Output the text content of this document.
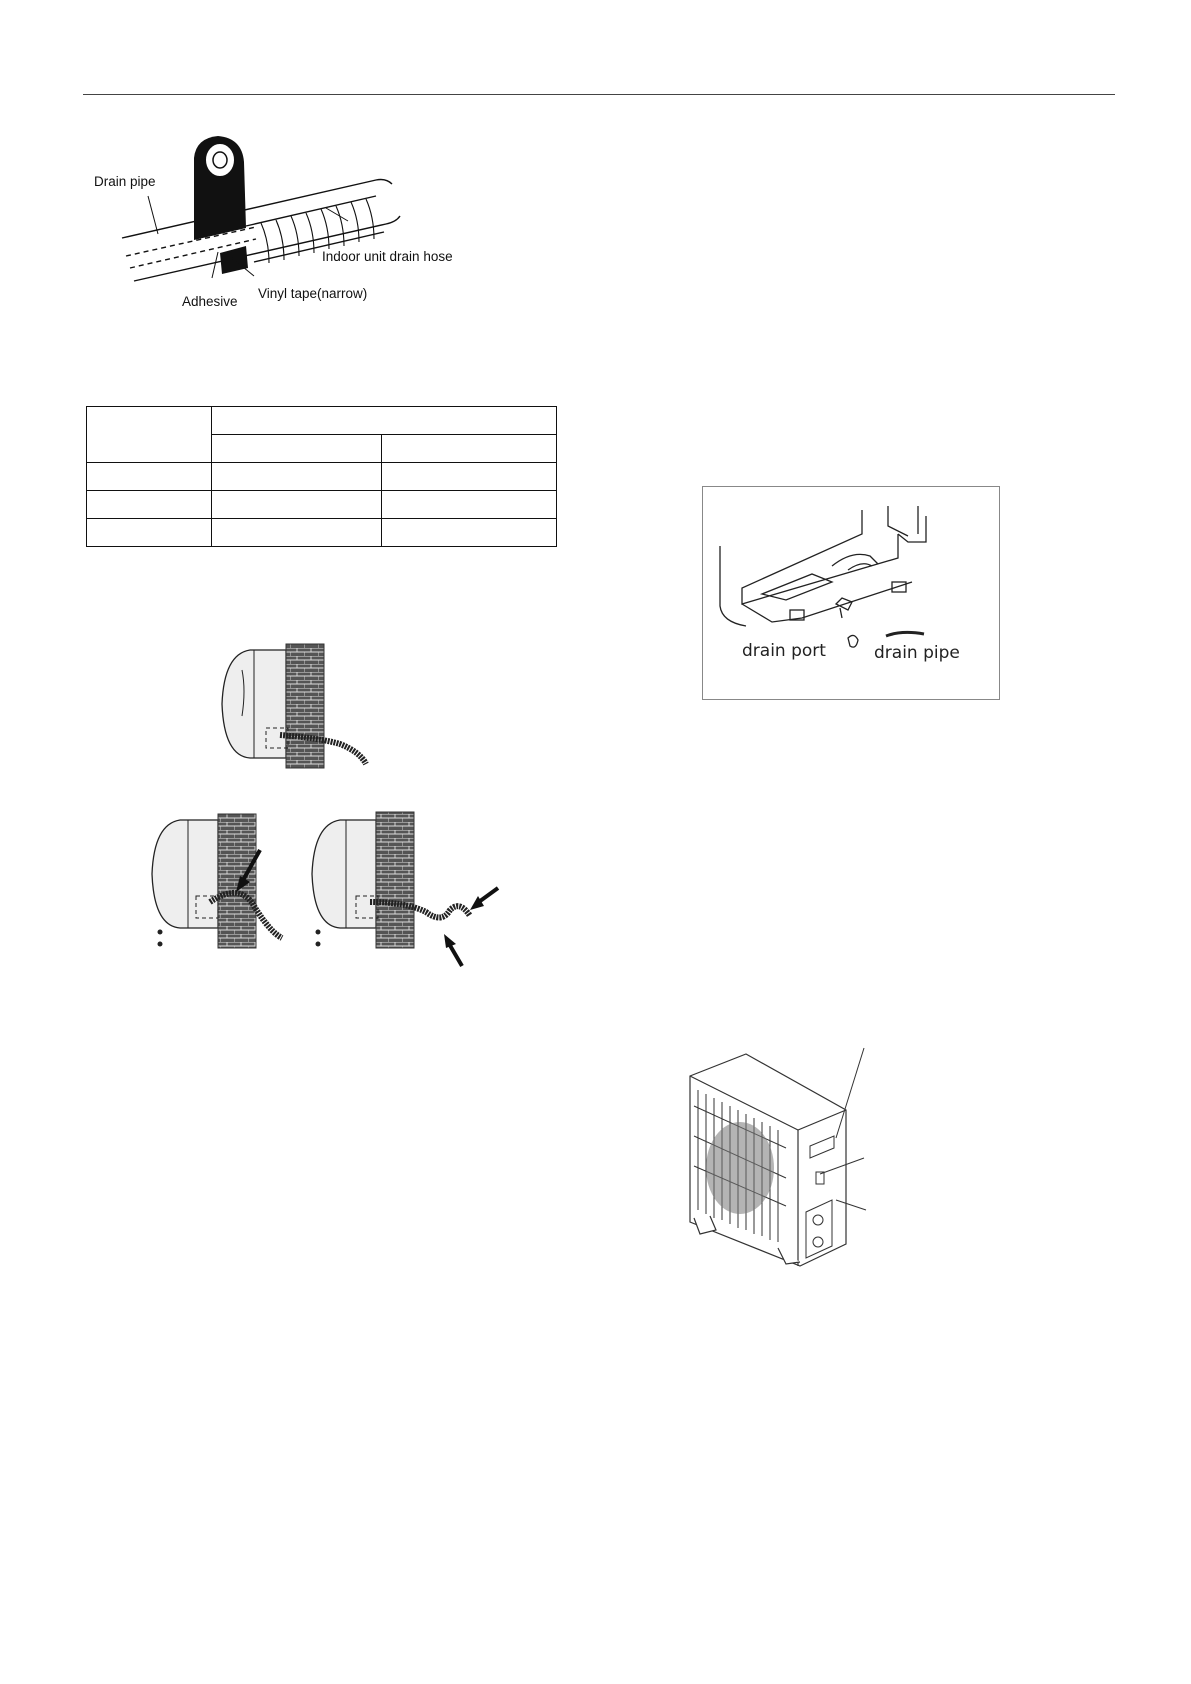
Drain pipe
Indoor unit drain hose
Adhesive
Vinyl tape(narrow)

drain port	drain pipe
